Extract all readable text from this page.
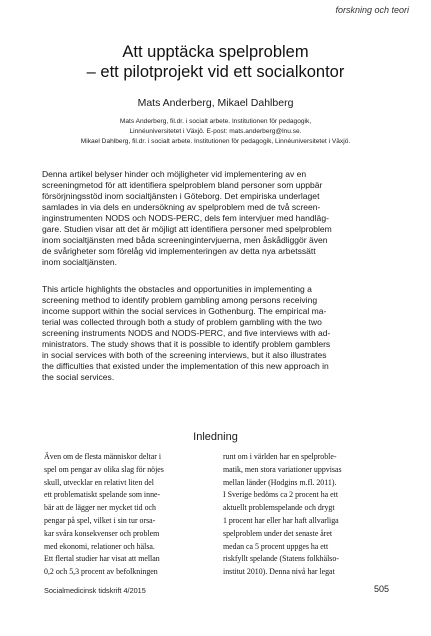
forskning och teori
Att upptäcka spelproblem
– ett pilotprojekt vid ett socialkontor
Mats Anderberg, Mikael Dahlberg
Mats Anderberg, fil.dr. i socialt arbete. Institutionen för pedagogik,
Linnéuniversitetet i Växjö. E-post: mats.anderberg@lnu.se.
Mikael Dahlberg, fil.dr. i socialt arbete. Institutionen för pedagogik, Linnéuniversitetet i Växjö.
Denna artikel belyser hinder och möjligheter vid implementering av en
screeningmetod för att identifiera spelproblem bland personer som uppbär
försörjningsstöd inom socialtjänsten i Göteborg. Det empiriska underlaget
samlades in via dels en undersökning av spelproblem med de två screen-
inginstrumenten NODS och NODS-PERC, dels fem intervjuer med handläg-
gare. Studien visar att det är möjligt att identifiera personer med spelproblem
inom socialtjänsten med båda screeningintervjuerna, men åskådliggör även
de svårigheter som förelåg vid implementeringen av detta nya arbetssätt
inom socialtjänsten.
This article highlights the obstacles and opportunities in implementing a
screening method to identify problem gambling among persons receiving
income support within the social services in Gothenburg. The empirical ma-
terial was collected through both a study of problem gambling with the two
screening instruments NODS and NODS-PERC, and five interviews with ad-
ministrators. The study shows that it is possible to identify problem gamblers
in social services with both of the screening interviews, but it also illustrates
the difficulties that existed under the implementation of this new approach in
the social services.
Inledning
Även om de flesta människor deltar i
spel om pengar av olika slag för nöjes
skull, utvecklar en relativt liten del
ett problematiskt spelande som inne-
bär att de lägger ner mycket tid och
pengar på spel, vilket i sin tur orsa-
kar svåra konsekvenser och problem
med ekonomi, relationer och hälsa.
Ett flertal studier har visat att mellan
0,2 och 5,3 procent av befolkningen
runt om i världen har en spelproble-
matik, men stora variationer uppvisas
mellan länder (Hodgins m.fl. 2011).
I Sverige bedöms ca 2 procent ha ett
aktuellt problemspelande och drygt
1 procent har eller har haft allvarliga
spelproblem under det senaste året
medan ca 5 procent uppges ha ett
riskfyllt spelande (Statens folkhälso-
institut 2010). Denna nivå har legat
Socialmedicinsk tidskrift 4/2015	505
